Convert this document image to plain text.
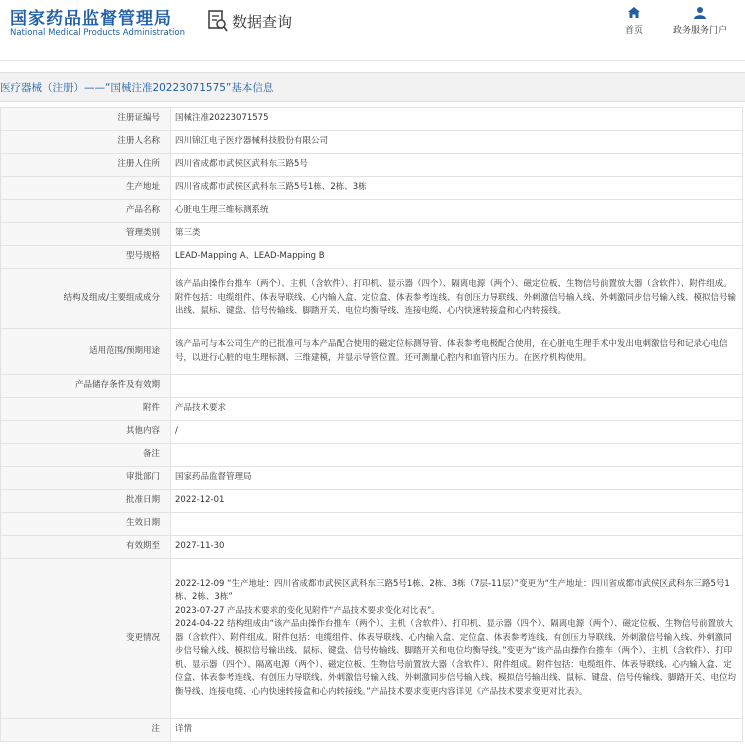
国家药品监督管理局
National Medical Products Administration
数据查询
首页	政务服务门户
医疗器械（注册）——“国械注准20223071575”基本信息
注册证编号	国械注准20223071575
注册人名称	四川锦江电子医疗器械科技股份有限公司
注册人住所	四川省成都市武侯区武科东三路5号
生产地址	四川省成都市武侯区武科东三路5号1栋、2栋、3栋
产品名称	心脏电生理三维标测系统
管理类别	第三类
型号规格	LEAD-Mapping A、LEAD-Mapping B
结构及组成/主要组成成分	该产品由操作台推车（两个）、主机（含软件）、打印机、显示器（四个）、隔离电源（两个）、磁定位板、生物信号前置放大器（含软件）、附件组成。附件包括：电缆组件、体表导联线、心内输入盒、定位盒、体表参考连线、有创压力导联线、外刺激信号输入线、外刺激同步信号输入线、模拟信号输出线、鼠标、键盘、信号传输线、脚踏开关、电位均衡导线、连接电缆、心内快速转接盒和心内转接线。
适用范围/预期用途	该产品可与本公司生产的已批准可与本产品配合使用的磁定位标测导管、体表参考电极配合使用，在心脏电生理手术中发出电刺激信号和记录心电信号，以进行心脏的电生理标测、三维建模，并显示导管位置。还可测量心腔内和血管内压力。在医疗机构使用。
产品储存条件及有效期	
附件	产品技术要求
其他内容	/
备注	
审批部门	国家药品监督管理局
批准日期	2022-12-01
生效日期	
有效期至	2027-11-30
变更情况	2022-12-09 “生产地址：四川省成都市武侯区武科东三路5号1栋、2栋、3栋（7层-11层）”变更为“生产地址：四川省成都市武侯区武科东三路5号1栋、2栋、3栋”
2023-07-27 产品技术要求的变化见附件“产品技术要求变化对比表”。
2024-04-22 结构组成由“该产品由操作台推车（两个）、主机（含软件）、打印机、显示器（四个）、隔离电源（两个）、磁定位板、生物信号前置放大器（含软件）、附件组成。附件包括：电缆组件、体表导联线、心内输入盒、定位盒、体表参考连线、有创压力导联线、外刺激信号输入线、外刺激同步信号输入线、模拟信号输出线、鼠标、键盘、信号传输线、脚踏开关和电位均衡导线。”变更为“该产品由操作台推车（两个）、主机（含软件）、打印机、显示器（四个）、隔离电源（两个）、磁定位板、生物信号前置放大器（含软件）、附件组成。附件包括：电缆组件、体表导联线、心内输入盒、定位盒、体表参考连线、有创压力导联线、外刺激信号输入线、外刺激同步信号输入线、模拟信号输出线、鼠标、键盘、信号传输线、脚踏开关、电位均衡导线、连接电缆、心内快速转接盒和心内转接线。”产品技术要求变更内容详见《产品技术要求变更对比表》。
注	详情
